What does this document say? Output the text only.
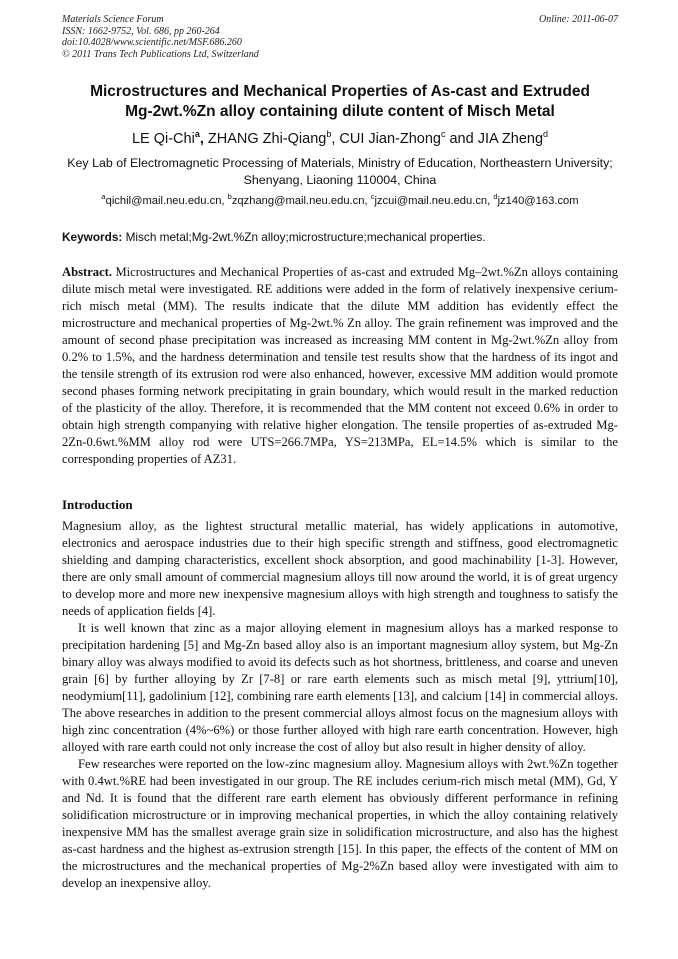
Materials Science Forum
ISSN: 1662-9752, Vol. 686, pp 260-264
doi:10.4028/www.scientific.net/MSF.686.260
© 2011 Trans Tech Publications Ltd, Switzerland
Online: 2011-06-07
Microstructures and Mechanical Properties of As-cast and Extruded
Mg-2wt.%Zn alloy containing dilute content of Misch Metal
LE Qi-Chi$^a$, ZHANG Zhi-Qiang$^b$, CUI Jian-Zhong$^c$ and JIA Zheng$^d$
Key Lab of Electromagnetic Processing of Materials, Ministry of Education, Northeastern University;
Shenyang, Liaoning 110004, China
$^a$qichil@mail.neu.edu.cn, $^b$zqzhang@mail.neu.edu.cn, $^c$jzcui@mail.neu.edu.cn, $^d$jz140@163.com
Keywords: Misch metal;Mg-2wt.%Zn alloy;microstructure;mechanical properties.
Abstract. Microstructures and Mechanical Properties of as-cast and extruded Mg–2wt.%Zn alloys containing dilute misch metal were investigated. RE additions were added in the form of relatively inexpensive cerium-rich misch metal (MM). The results indicate that the dilute MM addition has evidently effect the microstructure and mechanical properties of Mg-2wt.% Zn alloy. The grain refinement was improved and the amount of second phase precipitation was increased as increasing MM content in Mg-2wt.%Zn alloy from 0.2% to 1.5%, and the hardness determination and tensile test results show that the hardness of its ingot and the tensile strength of its extrusion rod were also enhanced, however, excessive MM addition would promote second phases forming network precipitating in grain boundary, which would result in the marked reduction of the plasticity of the alloy. Therefore, it is recommended that the MM content not exceed 0.6% in order to obtain high strength companying with relative higher elongation. The tensile properties of as-extruded Mg-2Zn-0.6wt.%MM alloy rod were UTS=266.7MPa, YS=213MPa, EL=14.5% which is similar to the corresponding properties of AZ31.
Introduction

Magnesium alloy, as the lightest structural metallic material, has widely applications in automotive, electronics and aerospace industries due to their high specific strength and stiffness, good electromagnetic shielding and damping characteristics, excellent shock absorption, and good machinability [1-3]. However, there are only small amount of commercial magnesium alloys till now around the world, it is of great urgency to develop more and more new inexpensive magnesium alloys with high strength and toughness to satisfy the needs of application fields [4].

It is well known that zinc as a major alloying element in magnesium alloys has a marked response to precipitation hardening [5] and Mg-Zn based alloy also is an important magnesium alloy system, but Mg-Zn binary alloy was always modified to avoid its defects such as hot shortness, brittleness, and coarse and uneven grain [6] by further alloying by Zr [7-8] or rare earth elements such as misch metal [9], yttrium[10], neodymium[11], gadolinium [12], combining rare earth elements [13], and calcium [14] in commercial alloys. The above researches in addition to the present commercial alloys almost focus on the magnesium alloys with high zinc concentration (4%~6%) or those further alloyed with high rare earth concentration. However, high alloyed with rare earth could not only increase the cost of alloy but also result in higher density of alloy.

Few researches were reported on the low-zinc magnesium alloy. Magnesium alloys with 2wt.%Zn together with 0.4wt.%RE had been investigated in our group. The RE includes cerium-rich misch metal (MM), Gd, Y and Nd. It is found that the different rare earth element has obviously different performance in refining solidification microstructure or in improving mechanical properties, in which the alloy containing relatively inexpensive MM has the smallest average grain size in solidification microstructure, and also has the highest as-cast hardness and the highest as-extrusion strength [15]. In this paper, the effects of the content of MM on the microstructures and the mechanical properties of Mg-2%Zn based alloy were investigated with aim to develop an inexpensive alloy.
